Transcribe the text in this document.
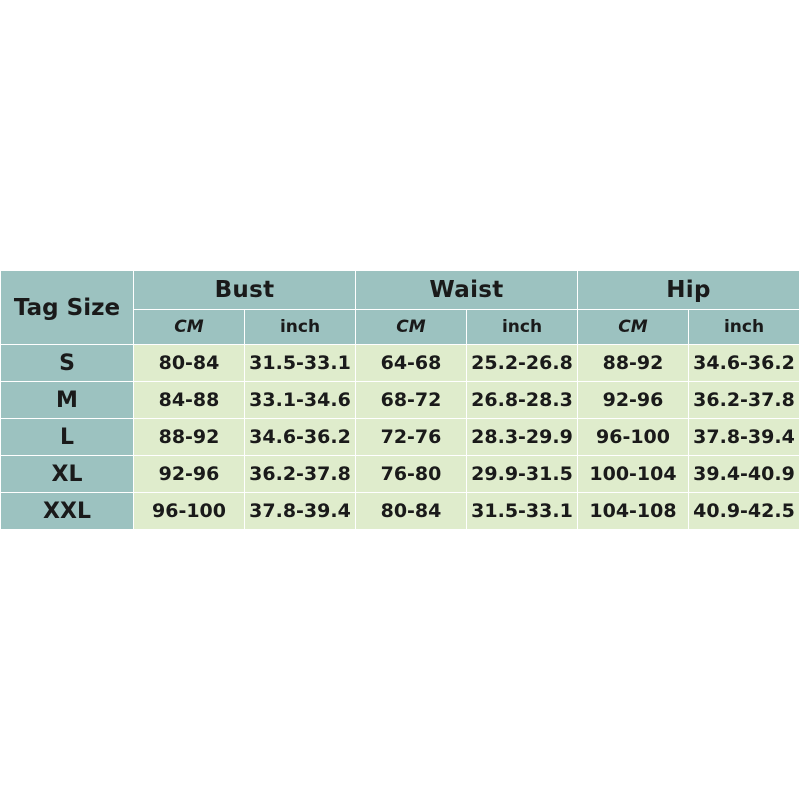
Tag Size	Bust		Waist		Hip	
	CM	inch	CM	inch	CM	inch
S	80-84	31.5-33.1	64-68	25.2-26.8	88-92	34.6-36.2
M	84-88	33.1-34.6	68-72	26.8-28.3	92-96	36.2-37.8
L	88-92	34.6-36.2	72-76	28.3-29.9	96-100	37.8-39.4
XL	92-96	36.2-37.8	76-80	29.9-31.5	100-104	39.4-40.9
XXL	96-100	37.8-39.4	80-84	31.5-33.1	104-108	40.9-42.5
